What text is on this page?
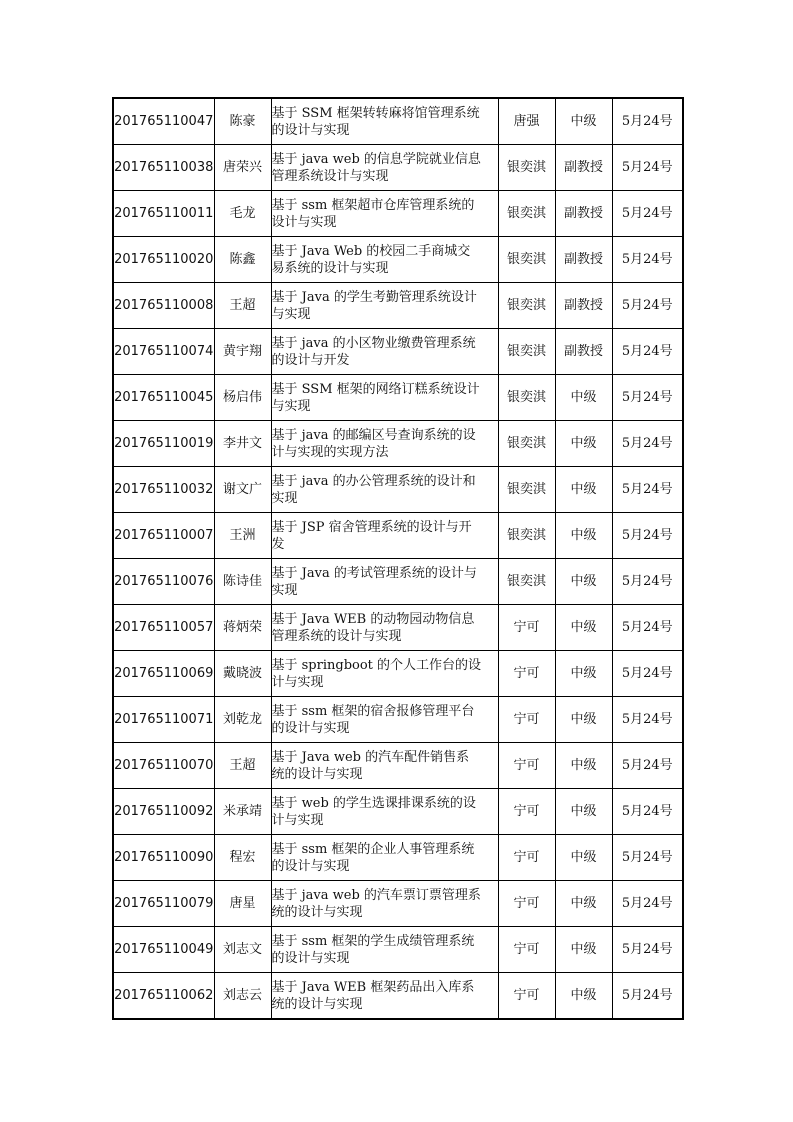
201765110047	陈豪	基于 SSM 框架转转麻将馆管理系统的设计与实现	唐强	中级	5月24号
201765110038	唐荣兴	基于 java web 的信息学院就业信息管理系统设计与实现	银奕淇	副教授	5月24号
201765110011	毛龙	基于 ssm 框架超市仓库管理系统的设计与实现	银奕淇	副教授	5月24号
201765110020	陈鑫	基于 Java Web 的校园二手商城交易系统的设计与实现	银奕淇	副教授	5月24号
201765110008	王超	基于 Java 的学生考勤管理系统设计与实现	银奕淇	副教授	5月24号
201765110074	黄宇翔	基于 java 的小区物业缴费管理系统的设计与开发	银奕淇	副教授	5月24号
201765110045	杨启伟	基于 SSM 框架的网络订糕系统设计与实现	银奕淇	中级	5月24号
201765110019	李井文	基于 java 的邮编区号查询系统的设计与实现的实现方法	银奕淇	中级	5月24号
201765110032	谢文广	基于 java 的办公管理系统的设计和实现	银奕淇	中级	5月24号
201765110007	王洲	基于 JSP 宿舍管理系统的设计与开发	银奕淇	中级	5月24号
201765110076	陈诗佳	基于 Java 的考试管理系统的设计与实现	银奕淇	中级	5月24号
201765110057	蒋炳荣	基于 Java WEB 的动物园动物信息管理系统的设计与实现	宁可	中级	5月24号
201765110069	戴晓波	基于 springboot 的个人工作台的设计与实现	宁可	中级	5月24号
201765110071	刘乾龙	基于 ssm 框架的宿舍报修管理平台的设计与实现	宁可	中级	5月24号
201765110070	王超	基于 Java web 的汽车配件销售系统的设计与实现	宁可	中级	5月24号
201765110092	米承靖	基于 web 的学生选课排课系统的设计与实现	宁可	中级	5月24号
201765110090	程宏	基于 ssm 框架的企业人事管理系统的设计与实现	宁可	中级	5月24号
201765110079	唐星	基于 java web 的汽车票订票管理系统的设计与实现	宁可	中级	5月24号
201765110049	刘志文	基于 ssm 框架的学生成绩管理系统的设计与实现	宁可	中级	5月24号
201765110062	刘志云	基于 Java WEB 框架药品出入库系统的设计与实现	宁可	中级	5月24号
